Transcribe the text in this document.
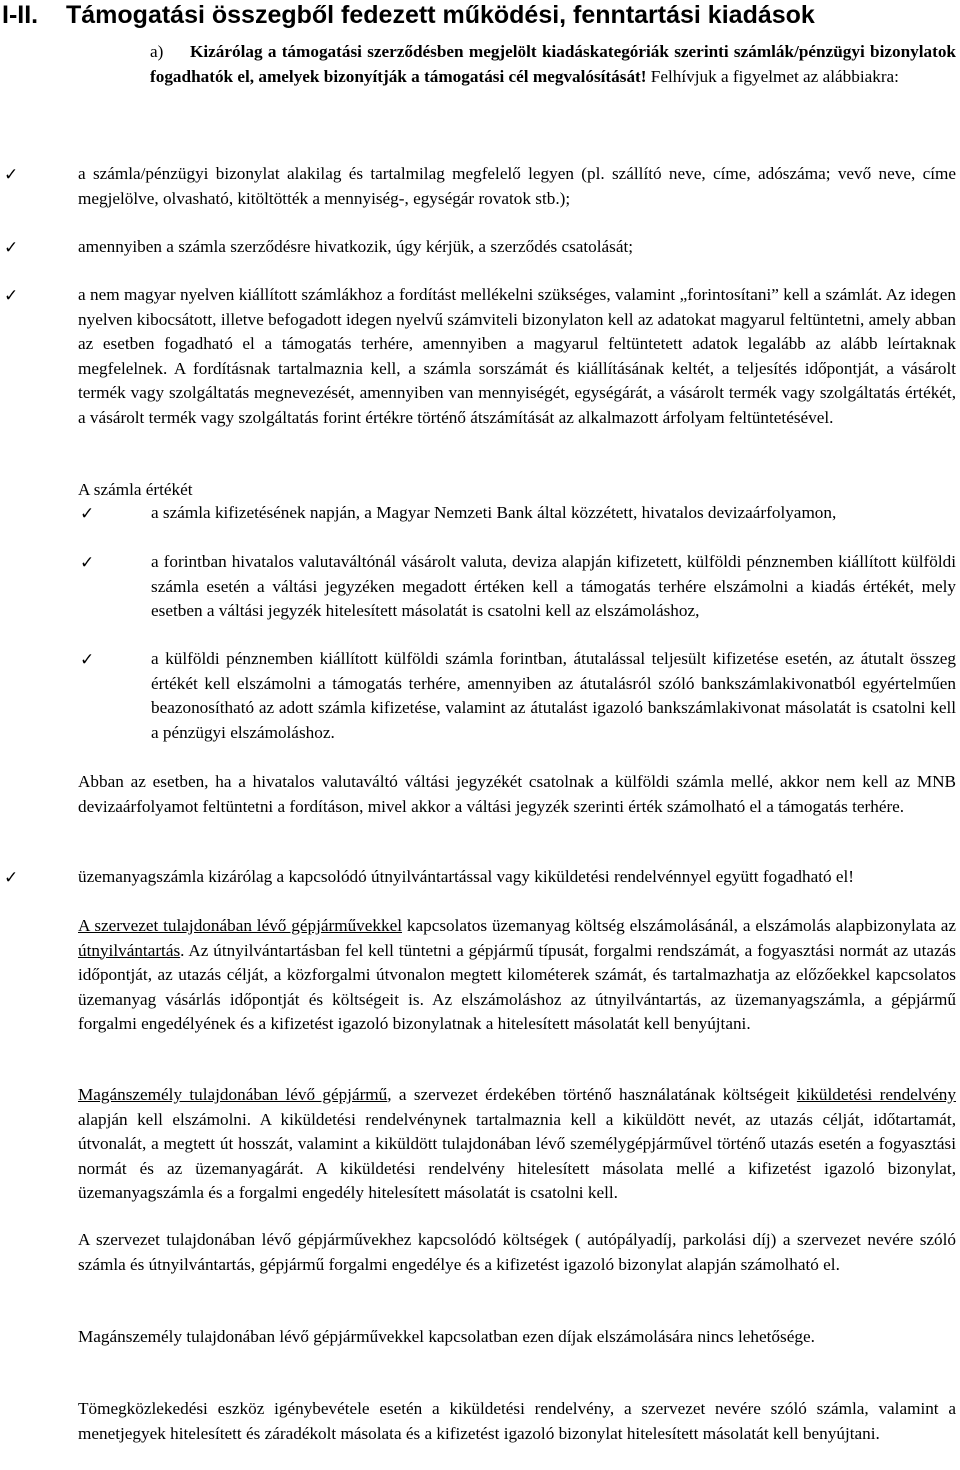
I-II. Támogatási összegből fedezett működési, fenntartási kiadások
a) Kizárólag a támogatási szerződésben megjelölt kiadáskategóriák szerinti számlák/pénzügyi bizonylatok fogadhatók el, amelyek bizonyítják a támogatási cél megvalósítását! Felhívjuk a figyelmet az alábbiakra:
✓	a számla/pénzügyi bizonylat alakilag és tartalmilag megfelelő legyen (pl. szállító neve, címe, adószáma; vevő neve, címe megjelölve, olvasható, kitöltötték a mennyiség-, egységár rovatok stb.);

✓	amennyiben a számla szerződésre hivatkozik, úgy kérjük, a szerződés csatolását;

✓	a nem magyar nyelven kiállított számlákhoz a fordítást mellékelni szükséges, valamint „forintosítani” kell a számlát. Az idegen nyelven kibocsátott, illetve befogadott idegen nyelvű számviteli bizonylaton kell az adatokat magyarul feltüntetni, amely abban az esetben fogadható el a támogatás terhére, amennyiben a magyarul feltüntetett adatok legalább az alább leírtaknak megfelelnek. A fordításnak tartalmaznia kell, a számla sorszámát és kiállításának keltét, a teljesítés időpontját, a vásárolt termék vagy szolgáltatás megnevezését, amennyiben van mennyiségét, egységárát, a vásárolt termék vagy szolgáltatás értékét, a vásárolt termék vagy szolgáltatás forint értékre történő átszámítását az alkalmazott árfolyam feltüntetésével.

A számla értékét

✓	a számla kifizetésének napján, a Magyar Nemzeti Bank által közzétett, hivatalos devizaárfolyamon,

✓	a forintban hivatalos valutaváltónál vásárolt valuta, deviza alapján kifizetett, külföldi pénznemben kiállított külföldi számla esetén a váltási jegyzéken megadott értéken kell a támogatás terhére elszámolni a kiadás értékét, mely esetben a váltási jegyzék hitelesített másolatát is csatolni kell az elszámoláshoz,

✓	a külföldi pénznemben kiállított külföldi számla forintban, átutalással teljesült kifizetése esetén, az átutalt összeg értékét kell elszámolni a támogatás terhére, amennyiben az átutalásról szóló bankszámlakivonatból egyértelműen beazonosítható az adott számla kifizetése, valamint az átutalást igazoló bankszámlakivonat másolatát is csatolni kell a pénzügyi elszámoláshoz.

Abban az esetben, ha a hivatalos valutaváltó váltási jegyzékét csatolnak a külföldi számla mellé, akkor nem kell az MNB devizaárfolyamot feltüntetni a fordításon, mivel akkor a váltási jegyzék szerinti érték számolható el a támogatás terhére.

✓	üzemanyagszámla kizárólag a kapcsolódó útnyilvántartással vagy kiküldetési rendelvénnyel együtt fogadható el!

A szervezet tulajdonában lévő gépjárművekkel kapcsolatos üzemanyag költség elszámolásánál, a elszámolás alapbizonylata az útnyilvántartás. Az útnyilvántartásban fel kell tüntetni a gépjármű típusát, forgalmi rendszámát, a fogyasztási normát az utazás időpontját, az utazás célját, a közforgalmi útvonalon megtett kilométerek számát, és tartalmazhatja az előzőekkel kapcsolatos üzemanyag vásárlás időpontját és költségeit is. Az elszámoláshoz az útnyilvántartás, az üzemanyagszámla, a gépjármű forgalmi engedélyének és a kifizetést igazoló bizonylatnak a hitelesített másolatát kell benyújtani.

Magánszemély tulajdonában lévő gépjármű, a szervezet érdekében történő használatának költségeit kiküldetési rendelvény alapján kell elszámolni. A kiküldetési rendelvénynek tartalmaznia kell a kiküldött nevét, az utazás célját, időtartamát, útvonalát, a megtett út hosszát, valamint a kiküldött tulajdonában lévő személygépjárművel történő utazás esetén a fogyasztási normát és az üzemanyagárát. A kiküldetési rendelvény hitelesített másolata mellé a kifizetést igazoló bizonylat, üzemanyagszámla és a forgalmi engedély hitelesített másolatát is csatolni kell.

A szervezet tulajdonában lévő gépjárművekhez kapcsolódó költségek ( autópályadíj, parkolási díj) a szervezet nevére szóló számla és útnyilvántartás, gépjármű forgalmi engedélye és a kifizetést igazoló bizonylat alapján számolható el.

Magánszemély tulajdonában lévő gépjárművekkel kapcsolatban ezen díjak elszámolására nincs lehetősége.

Tömegközlekedési eszköz igénybevétele esetén a kiküldetési rendelvény, a szervezet nevére szóló számla, valamint a menetjegyek hitelesített és záradékolt másolata és a kifizetést igazoló bizonylat hitelesített másolatát kell benyújtani.
